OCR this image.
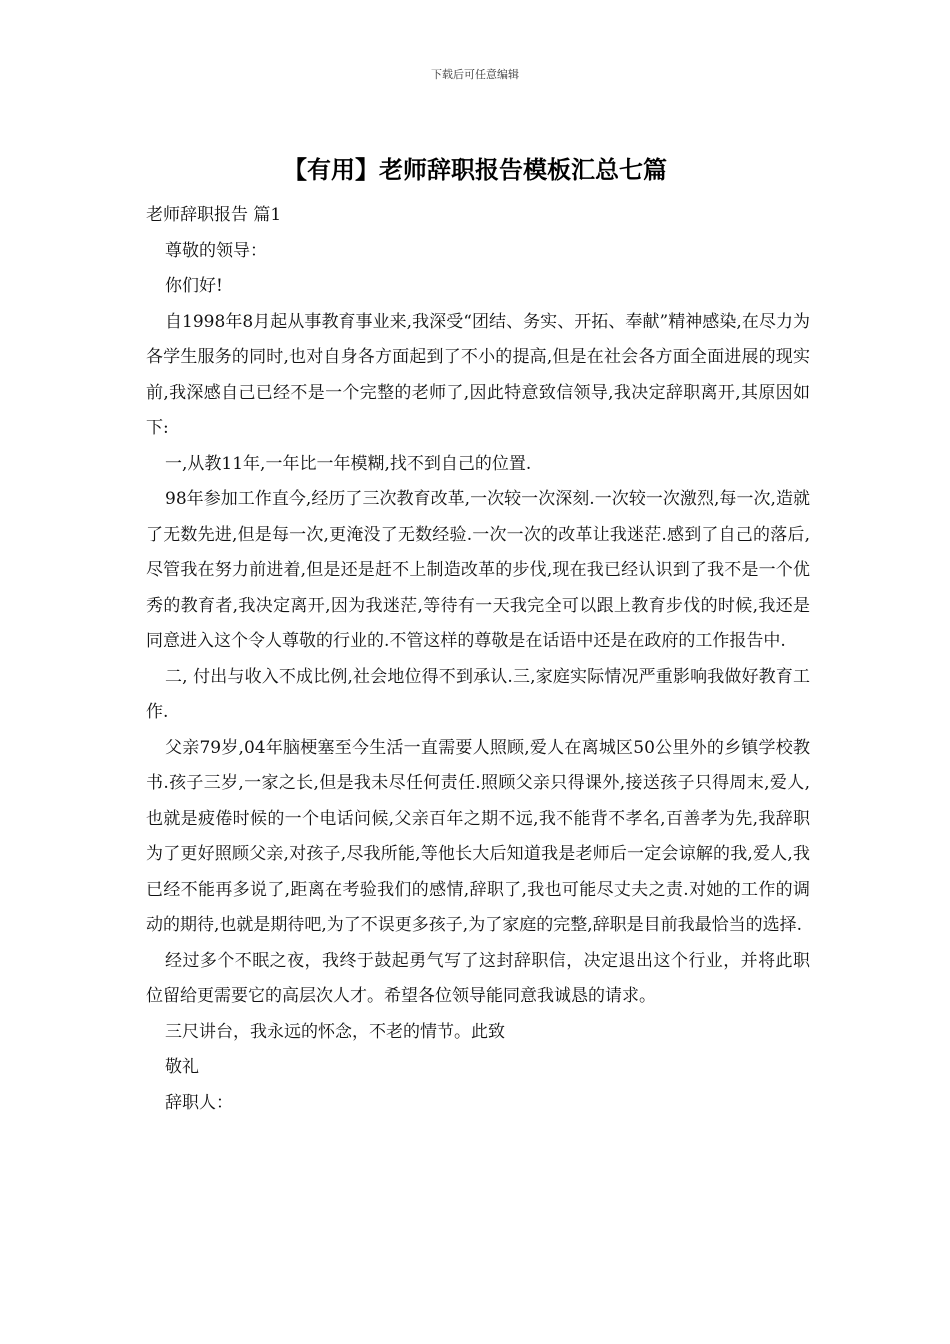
下载后可任意编辑
【有用】老师辞职报告模板汇总七篇

老师辞职报告 篇1

尊敬的领导：

你们好!

自1998年8月起从事教育事业来,我深受“团结、务实、开拓、奉献”精神感染,在尽力为各学生服务的同时,也对自身各方面起到了不小的提高,但是在社会各方面全面进展的现实前,我深感自己已经不是一个完整的老师了,因此特意致信领导,我决定辞职离开,其原因如下:

一,从教11年,一年比一年模糊,找不到自己的位置.

98年参加工作直今,经历了三次教育改革,一次较一次深刻.一次较一次激烈,每一次,造就了无数先进,但是每一次,更淹没了无数经验.一次一次的改革让我迷茫.感到了自己的落后,尽管我在努力前进着,但是还是赶不上制造改革的步伐,现在我已经认识到了我不是一个优秀的教育者,我决定离开,因为我迷茫,等待有一天我完全可以跟上教育步伐的时候,我还是同意进入这个令人尊敬的行业的.不管这样的尊敬是在话语中还是在政府的工作报告中.

二, 付出与收入不成比例,社会地位得不到承认.三,家庭实际情况严重影响我做好教育工作.

父亲79岁,04年脑梗塞至今生活一直需要人照顾,爱人在离城区50公里外的乡镇学校教书.孩子三岁,一家之长,但是我未尽任何责任.照顾父亲只得课外,接送孩子只得周末,爱人,也就是疲倦时候的一个电话问候,父亲百年之期不远,我不能背不孝名,百善孝为先,我辞职为了更好照顾父亲,对孩子,尽我所能,等他长大后知道我是老师后一定会谅解的我,爱人,我已经不能再多说了,距离在考验我们的感情,辞职了,我也可能尽丈夫之责.对她的工作的调动的期待,也就是期待吧,为了不误更多孩子,为了家庭的完整,辞职是目前我最恰当的选择.

经过多个不眠之夜，我终于鼓起勇气写了这封辞职信，决定退出这个行业，并将此职位留给更需要它的高层次人才。希望各位领导能同意我诚恳的请求。

三尺讲台，我永远的怀念，不老的情节。此致

敬礼

辞职人：
